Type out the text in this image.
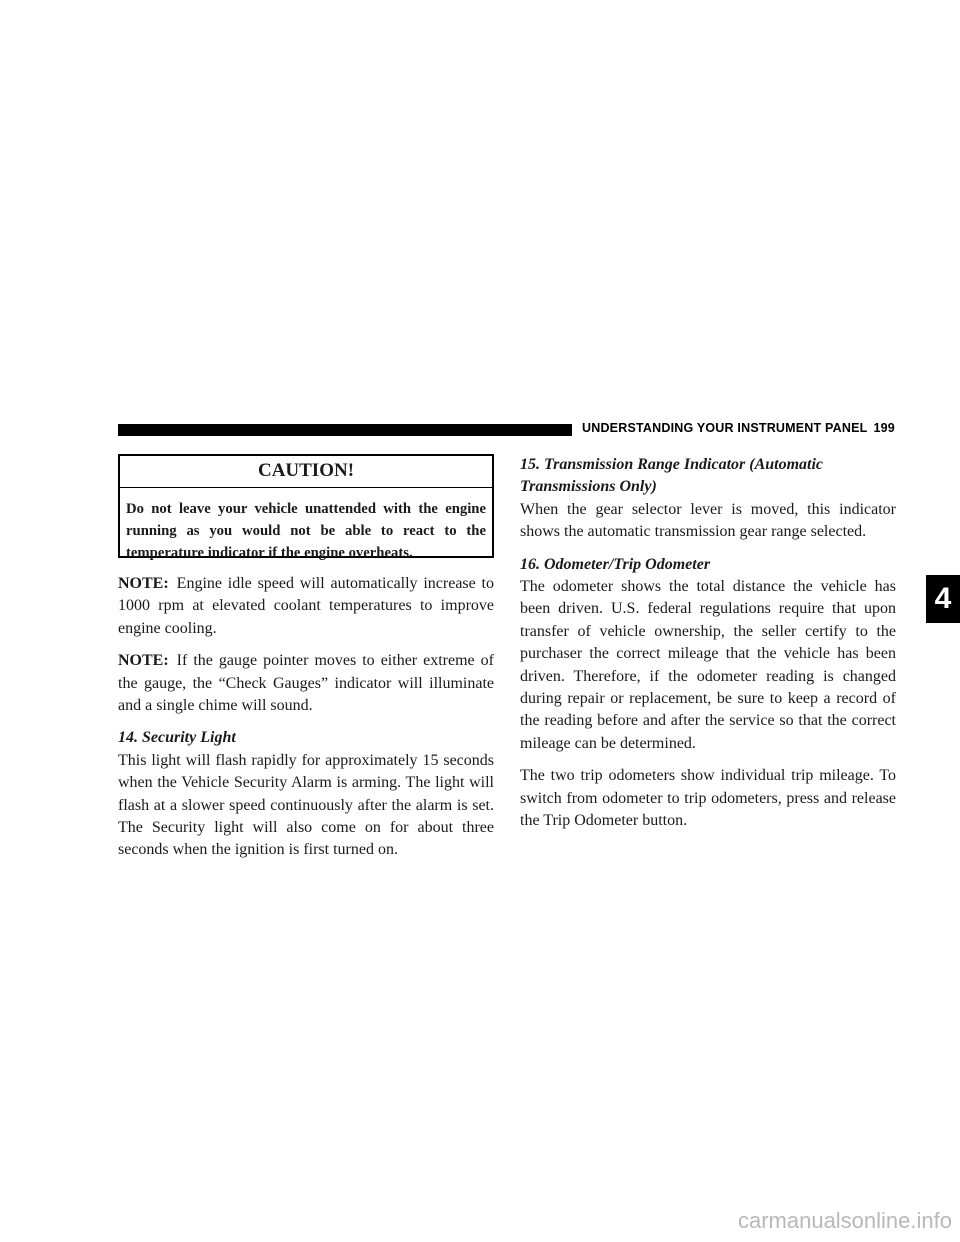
UNDERSTANDING YOUR INSTRUMENT PANEL 199
CAUTION!
Do not leave your vehicle unattended with the engine running as you would not be able to react to the temperature indicator if the engine overheats.

NOTE: Engine idle speed will automatically increase to 1000 rpm at elevated coolant temperatures to improve engine cooling.

NOTE: If the gauge pointer moves to either extreme of the gauge, the “Check Gauges” indicator will illuminate and a single chime will sound.

14. Security Light

This light will flash rapidly for approximately 15 seconds when the Vehicle Security Alarm is arming. The light will flash at a slower speed continuously after the alarm is set. The Security light will also come on for about three seconds when the ignition is first turned on.

15. Transmission Range Indicator (Automatic Transmissions Only)

When the gear selector lever is moved, this indicator shows the automatic transmission gear range selected.

16. Odometer/Trip Odometer

The odometer shows the total distance the vehicle has been driven. U.S. federal regulations require that upon transfer of vehicle ownership, the seller certify to the purchaser the correct mileage that the vehicle has been driven. Therefore, if the odometer reading is changed during repair or replacement, be sure to keep a record of the reading before and after the service so that the correct mileage can be determined.

The two trip odometers show individual trip mileage. To switch from odometer to trip odometers, press and release the Trip Odometer button.

4
carmanualsonline.info
